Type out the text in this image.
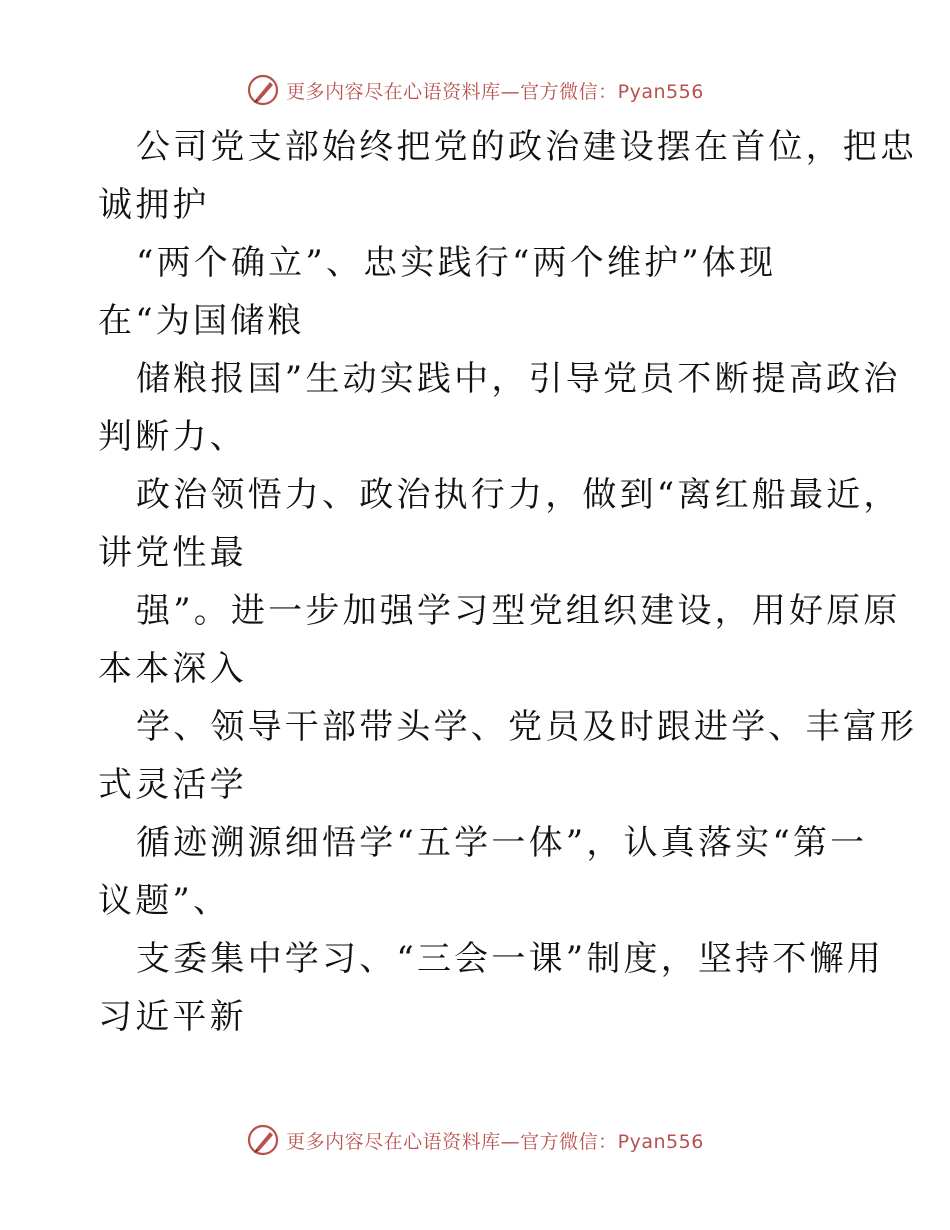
更多内容尽在心语资料库—官方微信：Pyan556
公司党支部始终把党的政治建设摆在首位，把忠
诚拥护
“两个确立”、忠实践行“两个维护”体现
在“为国储粮
储粮报国”生动实践中，引导党员不断提高政治
判断力、
政治领悟力、政治执行力，做到“离红船最近，
讲党性最
强”。进一步加强学习型党组织建设，用好原原
本本深入
学、领导干部带头学、党员及时跟进学、丰富形
式灵活学
循迹溯源细悟学“五学一体”，认真落实“第一
议题”、
支委集中学习、“三会一课”制度，坚持不懈用
习近平新
更多内容尽在心语资料库—官方微信：Pyan556
